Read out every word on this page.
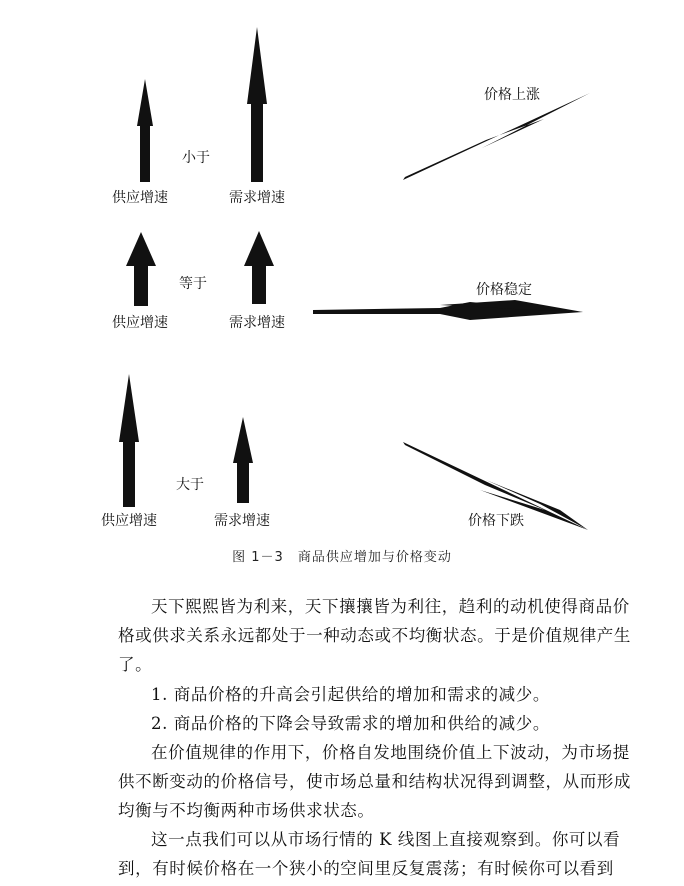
供应增速	需求增速
小于
价格上涨
供应增速	需求增速
等于	价格稳定
供应增速	需求增速
大于
价格下跌
图 1－3　商品供应增加与价格变动

天下熙熙皆为利来，天下攘攘皆为利往，趋利的动机使得商品价格或供求关系永远都处于一种动态或不均衡状态。于是价值规律产生了。

1. 商品价格的升高会引起供给的增加和需求的减少。

2. 商品价格的下降会导致需求的增加和供给的减少。

在价值规律的作用下，价格自发地围绕价值上下波动，为市场提供不断变动的价格信号，使市场总量和结构状况得到调整，从而形成均衡与不均衡两种市场供求状态。

这一点我们可以从市场行情的 K 线图上直接观察到。你可以看到，有时候价格在一个狭小的空间里反复震荡；有时候你可以看到
